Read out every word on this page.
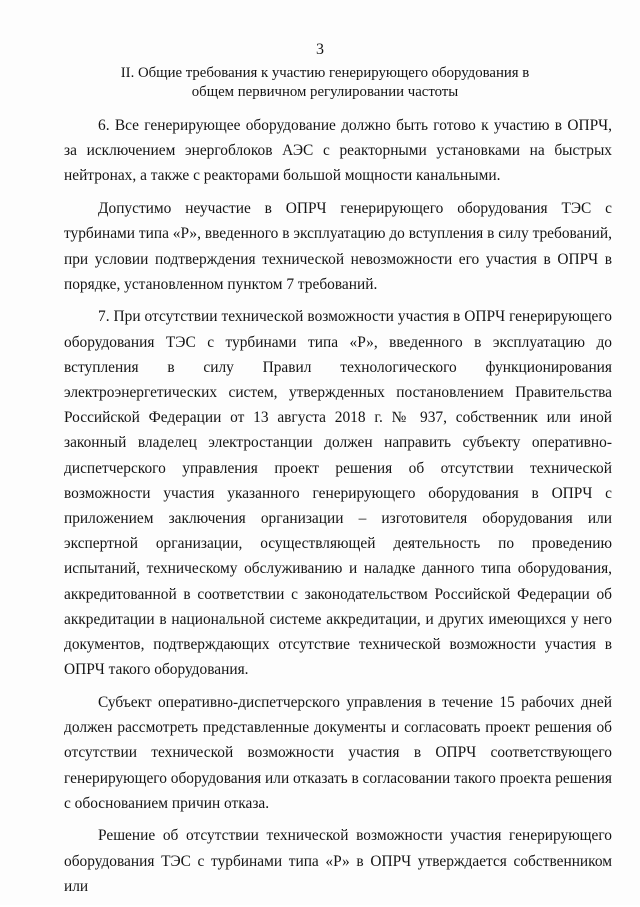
3
II. Общие требования к участию генерирующего оборудования в общем первичном регулировании частоты

6. Все генерирующее оборудование должно быть готово к участию в ОПРЧ, за исключением энергоблоков АЭС с реакторными установками на быстрых нейтронах, а также с реакторами большой мощности канальными.

Допустимо неучастие в ОПРЧ генерирующего оборудования ТЭС с турбинами типа «Р», введенного в эксплуатацию до вступления в силу требований, при условии подтверждения технической невозможности его участия в ОПРЧ в порядке, установленном пунктом 7 требований.

7. При отсутствии технической возможности участия в ОПРЧ генерирующего оборудования ТЭС с турбинами типа «Р», введенного в эксплуатацию до вступления в силу Правил технологического функционирования электроэнергетических систем, утвержденных постановлением Правительства Российской Федерации от 13 августа 2018 г. № 937, собственник или иной законный владелец электростанции должен направить субъекту оперативно-диспетчерского управления проект решения об отсутствии технической возможности участия указанного генерирующего оборудования в ОПРЧ с приложением заключения организации – изготовителя оборудования или экспертной организации, осуществляющей деятельность по проведению испытаний, техническому обслуживанию и наладке данного типа оборудования, аккредитованной в соответствии с законодательством Российской Федерации об аккредитации в национальной системе аккредитации, и других имеющихся у него документов, подтверждающих отсутствие технической возможности участия в ОПРЧ такого оборудования.

Субъект оперативно-диспетчерского управления в течение 15 рабочих дней должен рассмотреть представленные документы и согласовать проект решения об отсутствии технической возможности участия в ОПРЧ соответствующего генерирующего оборудования или отказать в согласовании такого проекта решения с обоснованием причин отказа.

Решение об отсутствии технической возможности участия генерирующего оборудования ТЭС с турбинами типа «Р» в ОПРЧ утверждается собственником или
